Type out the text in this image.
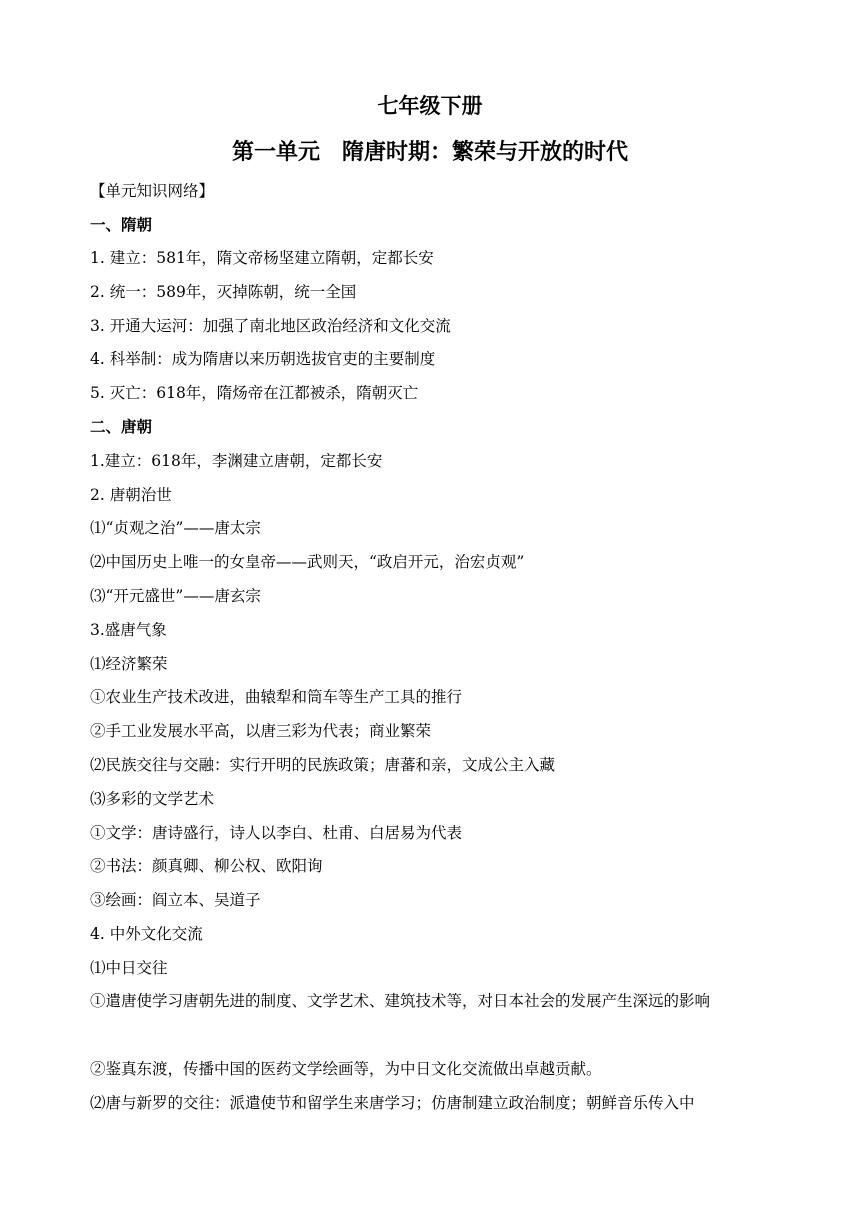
七年级下册
第一单元　隋唐时期：繁荣与开放的时代
【单元知识网络】
一、隋朝
1. 建立：581年，隋文帝杨坚建立隋朝，定都长安
2. 统一：589年，灭掉陈朝，统一全国
3. 开通大运河：加强了南北地区政治经济和文化交流
4. 科举制：成为隋唐以来历朝选拔官吏的主要制度
5. 灭亡：618年，隋炀帝在江都被杀，隋朝灭亡
二、唐朝
1.建立：618年，李渊建立唐朝，定都长安
2. 唐朝治世
⑴“贞观之治”——唐太宗
⑵中国历史上唯一的女皇帝——武则天，“政启开元，治宏贞观”
⑶“开元盛世”——唐玄宗
3.盛唐气象
⑴经济繁荣
①农业生产技术改进，曲辕犁和筒车等生产工具的推行
②手工业发展水平高，以唐三彩为代表；商业繁荣
⑵民族交往与交融：实行开明的民族政策；唐蕃和亲，文成公主入藏
⑶多彩的文学艺术
①文学：唐诗盛行，诗人以李白、杜甫、白居易为代表
②书法：颜真卿、柳公权、欧阳询
③绘画：阎立本、吴道子
4. 中外文化交流
⑴中日交往
①遣唐使学习唐朝先进的制度、文学艺术、建筑技术等，对日本社会的发展产生深远的影响
②鉴真东渡，传播中国的医药文学绘画等，为中日文化交流做出卓越贡献。
⑵唐与新罗的交往：派遣使节和留学生来唐学习；仿唐制建立政治制度；朝鲜音乐传入中
